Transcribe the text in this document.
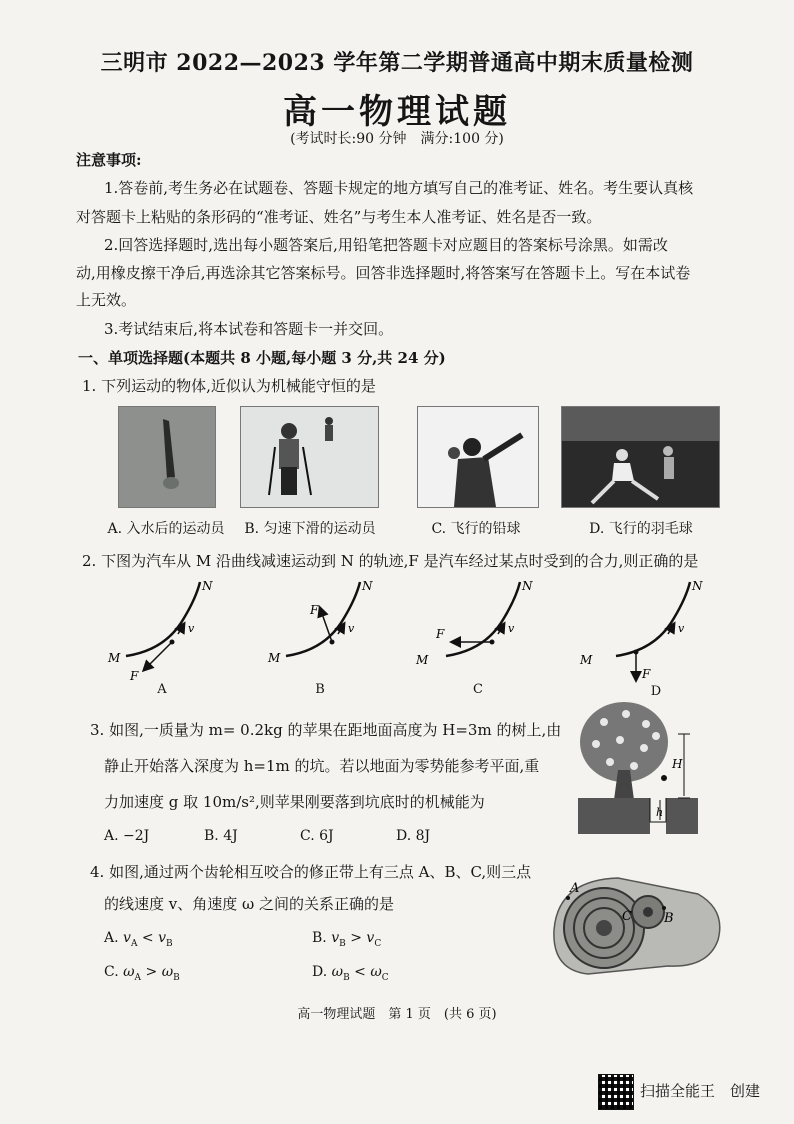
三明市 2022—2023 学年第二学期普通高中期末质量检测
高一物理试题
(考试时长:90 分钟　满分:100 分)
注意事项:
1.答卷前,考生务必在试题卷、答题卡规定的地方填写自己的准考证、姓名。考生要认真核
对答题卡上粘贴的条形码的“准考证、姓名”与考生本人准考证、姓名是否一致。
2.回答选择题时,选出每小题答案后,用铅笔把答题卡对应题目的答案标号涂黑。如需改
动,用橡皮擦干净后,再选涂其它答案标号。回答非选择题时,将答案写在答题卡上。写在本试卷
上无效。
3.考试结束后,将本试卷和答题卡一并交回。
一、单项选择题(本题共 8 小题,每小题 3 分,共 24 分)
1. 下列运动的物体,近似认为机械能守恒的是
A. 入水后的运动员	B. 匀速下滑的运动员	C. 飞行的铅球	D. 飞行的羽毛球
2. 下图为汽车从 M 沿曲线减速运动到 N 的轨迹,F 是汽车经过某点时受到的合力,则正确的是
N
M
F
v
N
M
F
v
N
M
F	v
N
M
F
v
A	B	C	D
3. 如图,一质量为 m= 0.2kg 的苹果在距地面高度为 H=3m 的树上,由
静止开始落入深度为 h=1m 的坑。若以地面为零势能参考平面,重
力加速度 g 取 10m/s²,则苹果刚要落到坑底时的机械能为
A. −2J	B. 4J	C. 6J	D. 8J
H
h
4. 如图,通过两个齿轮相互咬合的修正带上有三点 A、B、C,则三点
的线速度 v、角速度 ω 之间的关系正确的是
A. $v_A < v_B$	B. $v_B > v_C$
C. $\omega_A > \omega_B$	D. $\omega_B < \omega_C$
A
B
C
高一物理试题　第 1 页　(共 6 页)
扫描全能王　创建
